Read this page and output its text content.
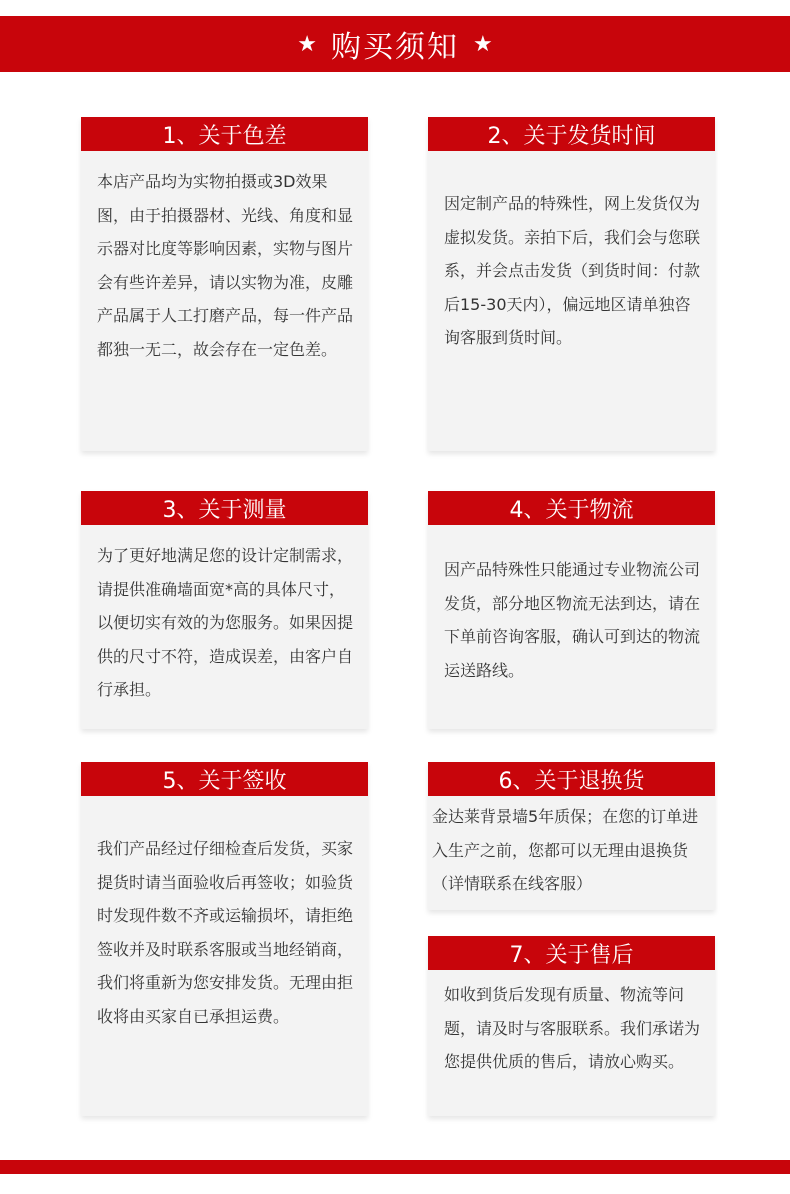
★ 购买须知 ★
1、关于色差
本店产品均为实物拍摄或3D效果图，由于拍摄器材、光线、角度和显示器对比度等影响因素，实物与图片会有些许差异，请以实物为准，皮雕产品属于人工打磨产品，每一件产品都独一无二，故会存在一定色差。
2、关于发货时间
因定制产品的特殊性，网上发货仅为虚拟发货。亲拍下后，我们会与您联系，并会点击发货（到货时间：付款后15-30天内），偏远地区请单独咨询客服到货时间。
3、关于测量
为了更好地满足您的设计定制需求，请提供准确墙面宽*高的具体尺寸，以便切实有效的为您服务。如果因提供的尺寸不符，造成误差，由客户自行承担。
4、关于物流
因产品特殊性只能通过专业物流公司发货，部分地区物流无法到达，请在下单前咨询客服，确认可到达的物流运送路线。
5、关于签收
我们产品经过仔细检查后发货，买家提货时请当面验收后再签收；如验货时发现件数不齐或运输损坏，请拒绝签收并及时联系客服或当地经销商，我们将重新为您安排发货。无理由拒收将由买家自已承担运费。
6、关于退换货
金达莱背景墙5年质保；在您的订单进入生产之前，您都可以无理由退换货（详情联系在线客服）
7、关于售后
如收到货后发现有质量、物流等问题，请及时与客服联系。我们承诺为您提供优质的售后，请放心购买。
